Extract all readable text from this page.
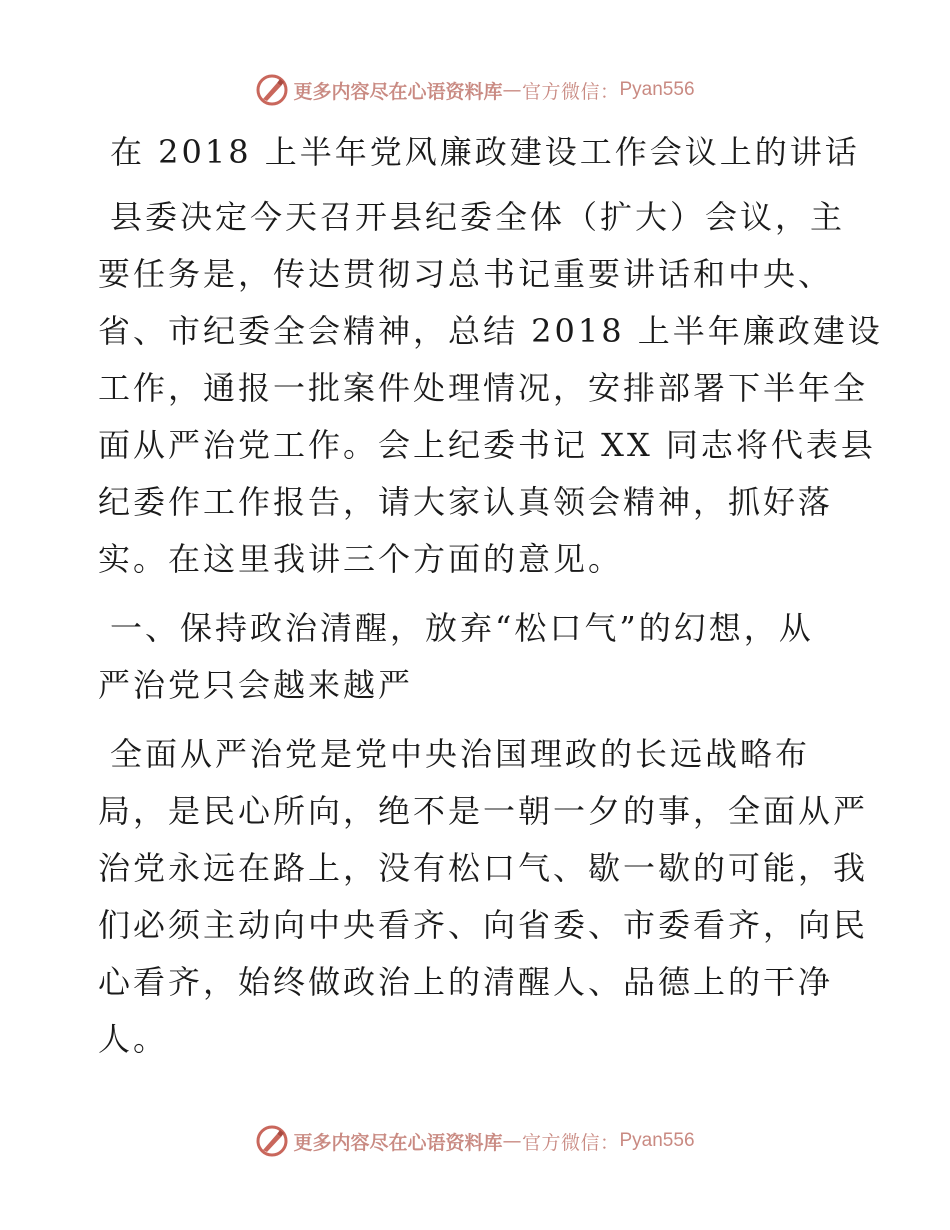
更多内容尽在心语资料库 — 官方微信： Pyan556
在 2018 上半年党风廉政建设工作会议上的讲话
县委决定今天召开县纪委全体（扩大）会议，主
要任务是，传达贯彻习总书记重要讲话和中央、
省、市纪委全会精神，总结 2018 上半年廉政建设
工作，通报一批案件处理情况，安排部署下半年全
面从严治党工作。会上纪委书记 XX 同志将代表县
纪委作工作报告，请大家认真领会精神，抓好落
实。在这里我讲三个方面的意见。
一、保持政治清醒，放弃“松口气”的幻想，从
严治党只会越来越严
全面从严治党是党中央治国理政的长远战略布
局，是民心所向，绝不是一朝一夕的事，全面从严
治党永远在路上，没有松口气、歇一歇的可能，我
们必须主动向中央看齐、向省委、市委看齐，向民
心看齐，始终做政治上的清醒人、品德上的干净
人。
更多内容尽在心语资料库 — 官方微信： Pyan556
